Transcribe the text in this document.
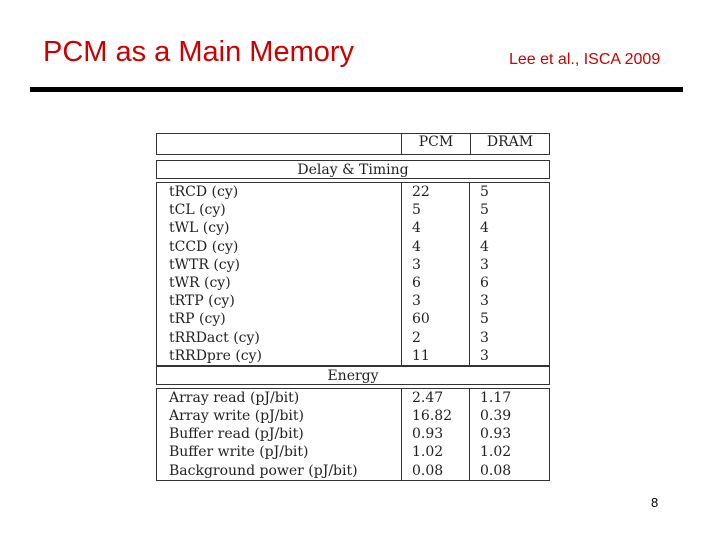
PCM as a Main Memory	Lee et al., ISCA 2009
PCM	DRAM
Delay & Timing
tRCD (cy)
tCL (cy)
tWL (cy)
tCCD (cy)
tWTR (cy)
tWR (cy)
tRTP (cy)
tRP (cy)
tRRDact (cy)
tRRDpre (cy)
22
5
4
4
3
6
3
60
2
11
5
5
4
4
3
6
3
5
3
3
Energy
Array read (pJ/bit)
Array write (pJ/bit)
Buffer read (pJ/bit)
Buffer write (pJ/bit)
Background power (pJ/bit)
2.47
16.82
0.93
1.02
0.08
1.17
0.39
0.93
1.02
0.08
8
